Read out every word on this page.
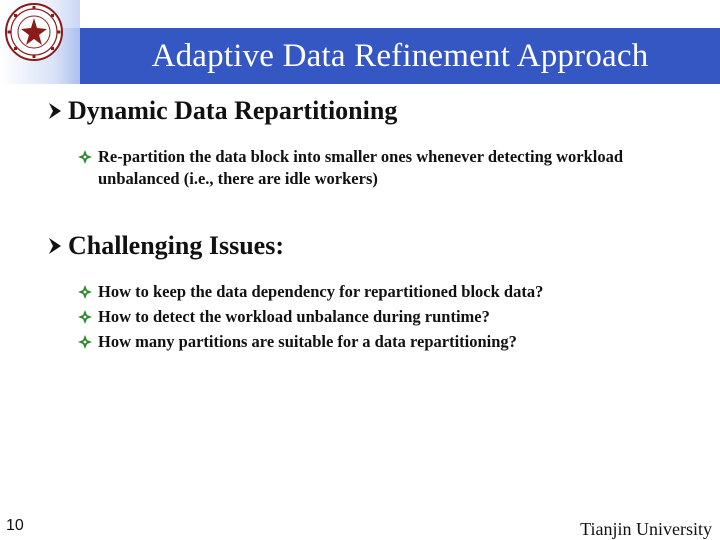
Adaptive Data Refinement Approach
Dynamic Data Repartitioning
Re-partition the data block into smaller ones whenever detecting workload unbalanced (i.e., there are idle workers)
Challenging Issues:
How to keep the data dependency for repartitioned block data?
How to detect the workload unbalance during runtime?
How many partitions are suitable for a data repartitioning?
10	Tianjin University
